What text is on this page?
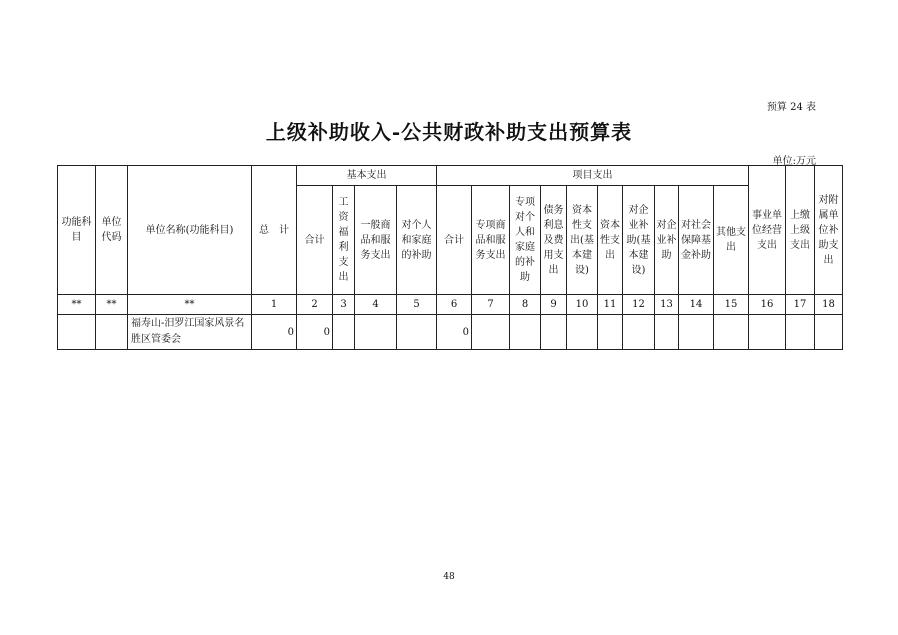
预算 24 表
上级补助收入-公共财政补助支出预算表
单位:万元
功能科目	单位代码	单位名称(功能科目)	总　计	基本支出				项目支出										事业单位经营支出	上缴上级支出	对附属单位补助支出
				合计	工资福利支出	一般商品和服务支出	对个人和家庭的补助	合计	专项商品和服务支出	专项对个人和家庭的补助	债务利息及费用支出	资本性支出(基本建设)	资本性支出	对企业补助(基本建设)	对企业补助	对社会保障基金补助	其他支出			
**	**	**	1	2	3	4	5	6	7	8	9	10	11	12	13	14	15	16	17	18
		福寿山-汨罗江国家风景名胜区管委会	0	0				0												
48
